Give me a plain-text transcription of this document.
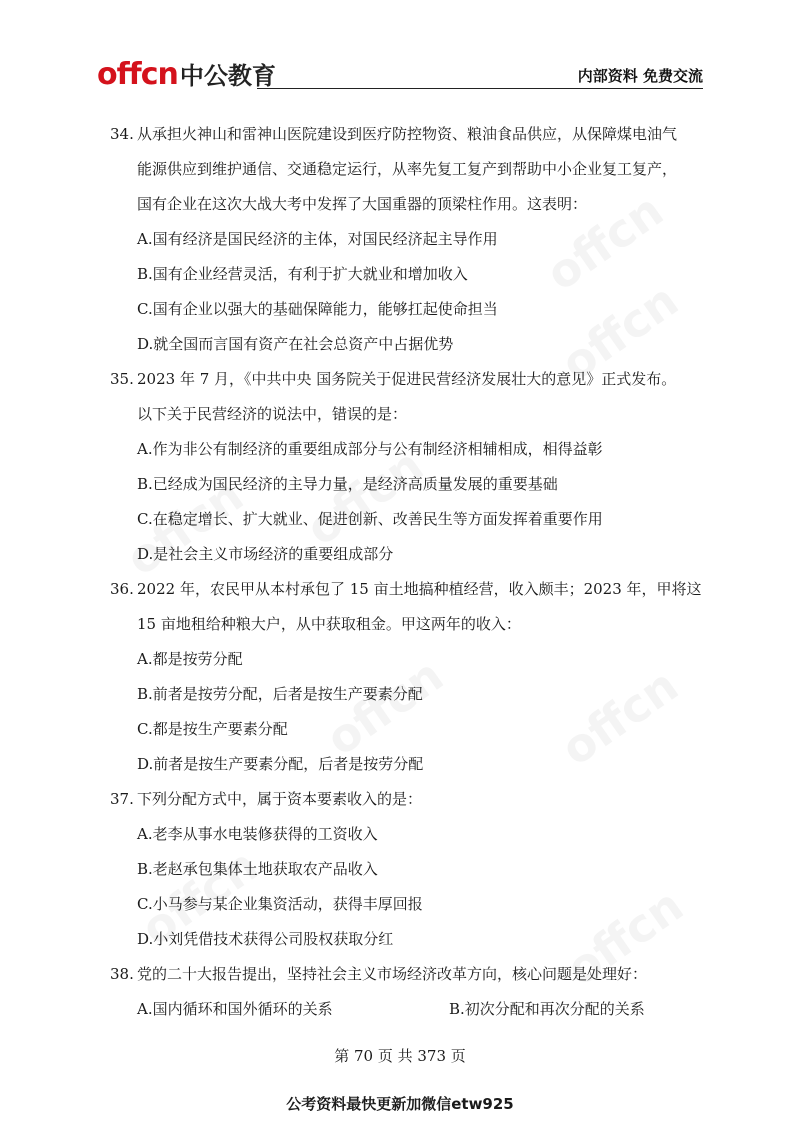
offcn 中公教育	内部资料 免费交流
34. 从承担火神山和雷神山医院建设到医疗防控物资、粮油食品供应，从保障煤电油气
能源供应到维护通信、交通稳定运行，从率先复工复产到帮助中小企业复工复产，
国有企业在这次大战大考中发挥了大国重器的顶梁柱作用。这表明：
A.国有经济是国民经济的主体，对国民经济起主导作用
B.国有企业经营灵活，有利于扩大就业和增加收入
C.国有企业以强大的基础保障能力，能够扛起使命担当
D.就全国而言国有资产在社会总资产中占据优势
35. 2023 年 7 月，《中共中央 国务院关于促进民营经济发展壮大的意见》正式发布。
以下关于民营经济的说法中，错误的是：
A.作为非公有制经济的重要组成部分与公有制经济相辅相成，相得益彰
B.已经成为国民经济的主导力量，是经济高质量发展的重要基础
C.在稳定增长、扩大就业、促进创新、改善民生等方面发挥着重要作用
D.是社会主义市场经济的重要组成部分
36. 2022 年，农民甲从本村承包了 15 亩土地搞种植经营，收入颇丰；2023 年，甲将这
15 亩地租给种粮大户，从中获取租金。甲这两年的收入：
A.都是按劳分配
B.前者是按劳分配，后者是按生产要素分配
C.都是按生产要素分配
D.前者是按生产要素分配，后者是按劳分配
37. 下列分配方式中，属于资本要素收入的是：
A.老李从事水电装修获得的工资收入
B.老赵承包集体土地获取农产品收入
C.小马参与某企业集资活动，获得丰厚回报
D.小刘凭借技术获得公司股权获取分红
38. 党的二十大报告提出，坚持社会主义市场经济改革方向，核心问题是处理好：
A.国内循环和国外循环的关系	B.初次分配和再次分配的关系
第 70 页 共 373 页
公考资料最快更新加微信etw925
